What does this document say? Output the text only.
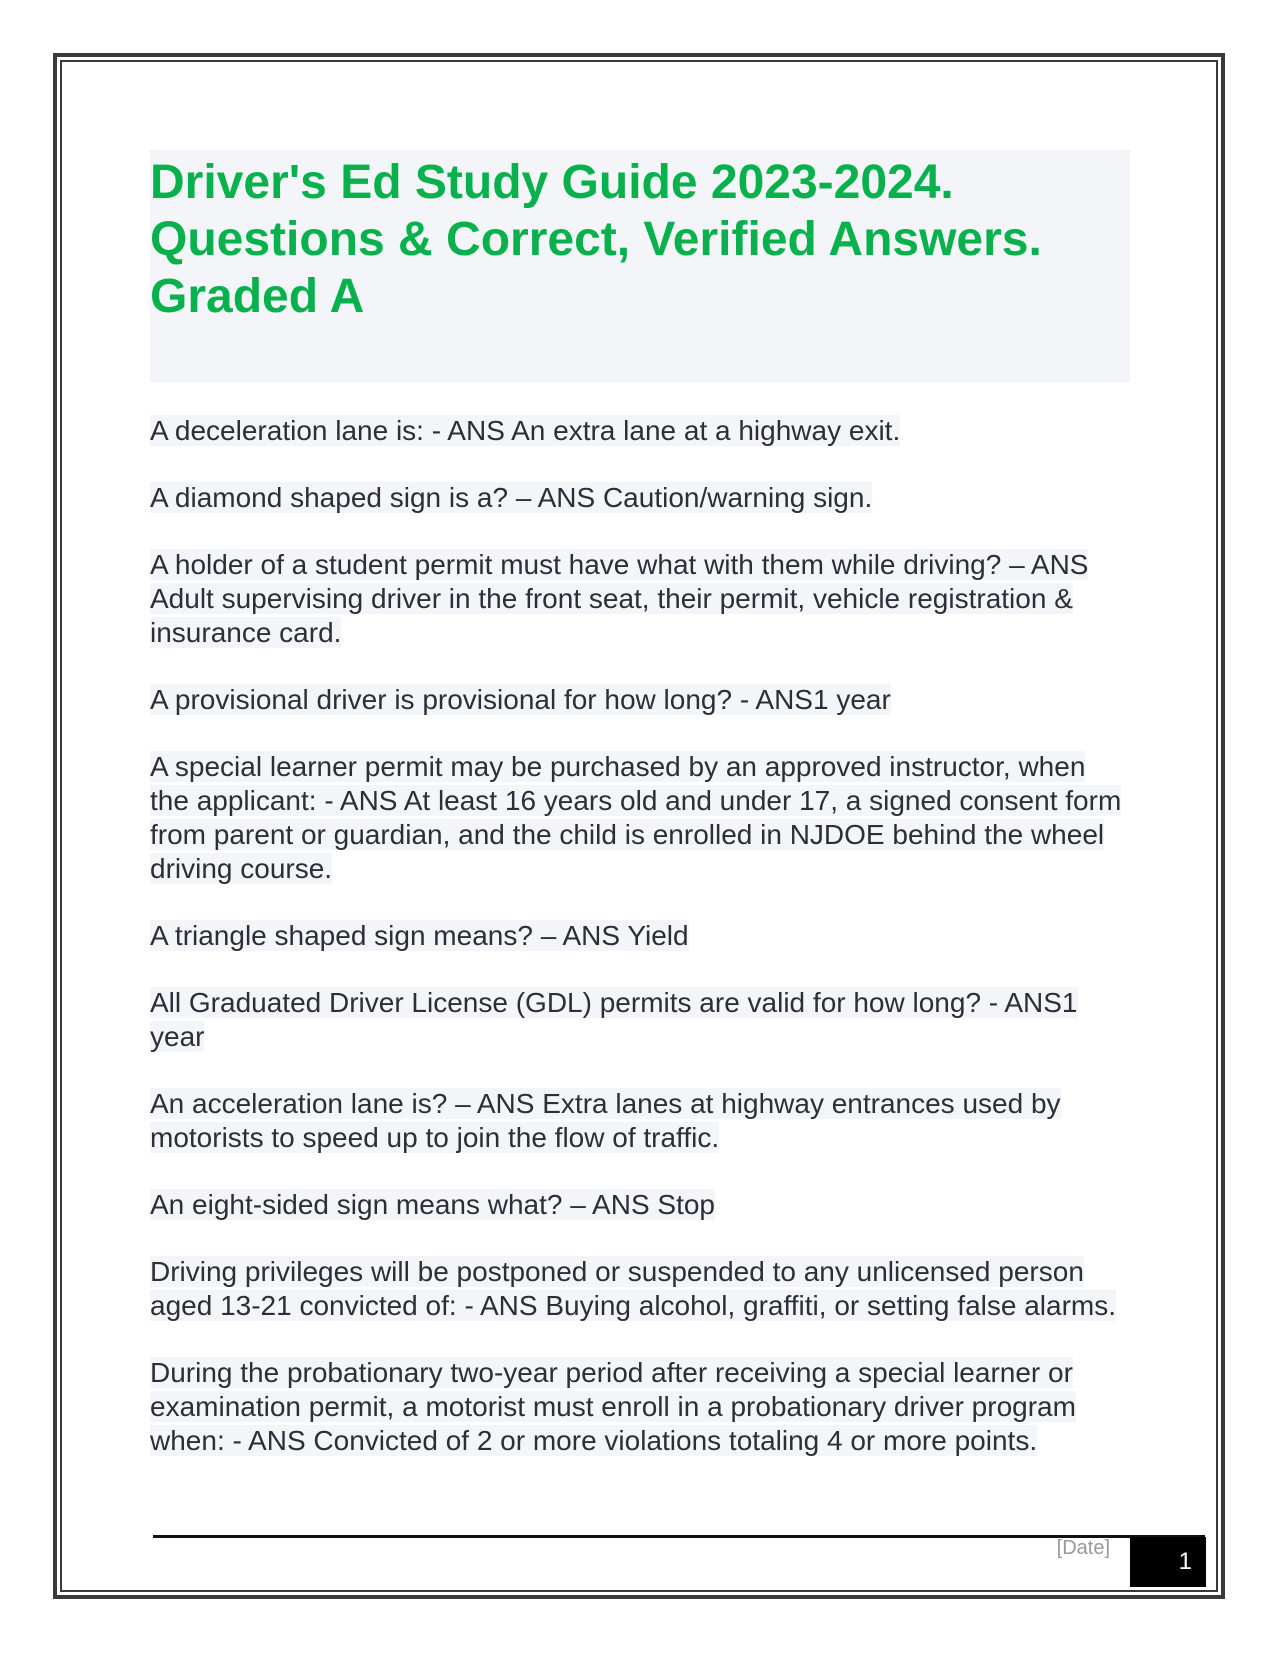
Driver's Ed Study Guide 2023-2024. Questions & Correct, Verified Answers. Graded A
A deceleration lane is: - ANS An extra lane at a highway exit.
A diamond shaped sign is a? – ANS Caution/warning sign.
A holder of a student permit must have what with them while driving? – ANS Adult supervising driver in the front seat, their permit, vehicle registration & insurance card.
A provisional driver is provisional for how long? - ANS1 year
A special learner permit may be purchased by an approved instructor, when the applicant: - ANS At least 16 years old and under 17, a signed consent form from parent or guardian, and the child is enrolled in NJDOE behind the wheel driving course.
A triangle shaped sign means? – ANS Yield
All Graduated Driver License (GDL) permits are valid for how long? - ANS1 year
An acceleration lane is? – ANS Extra lanes at highway entrances used by motorists to speed up to join the flow of traffic.
An eight-sided sign means what? – ANS Stop
Driving privileges will be postponed or suspended to any unlicensed person aged 13-21 convicted of: - ANS Buying alcohol, graffiti, or setting false alarms.
During the probationary two-year period after receiving a special learner or examination permit, a motorist must enroll in a probationary driver program when: - ANS Convicted of 2 or more violations totaling 4 or more points.
[Date]	1
